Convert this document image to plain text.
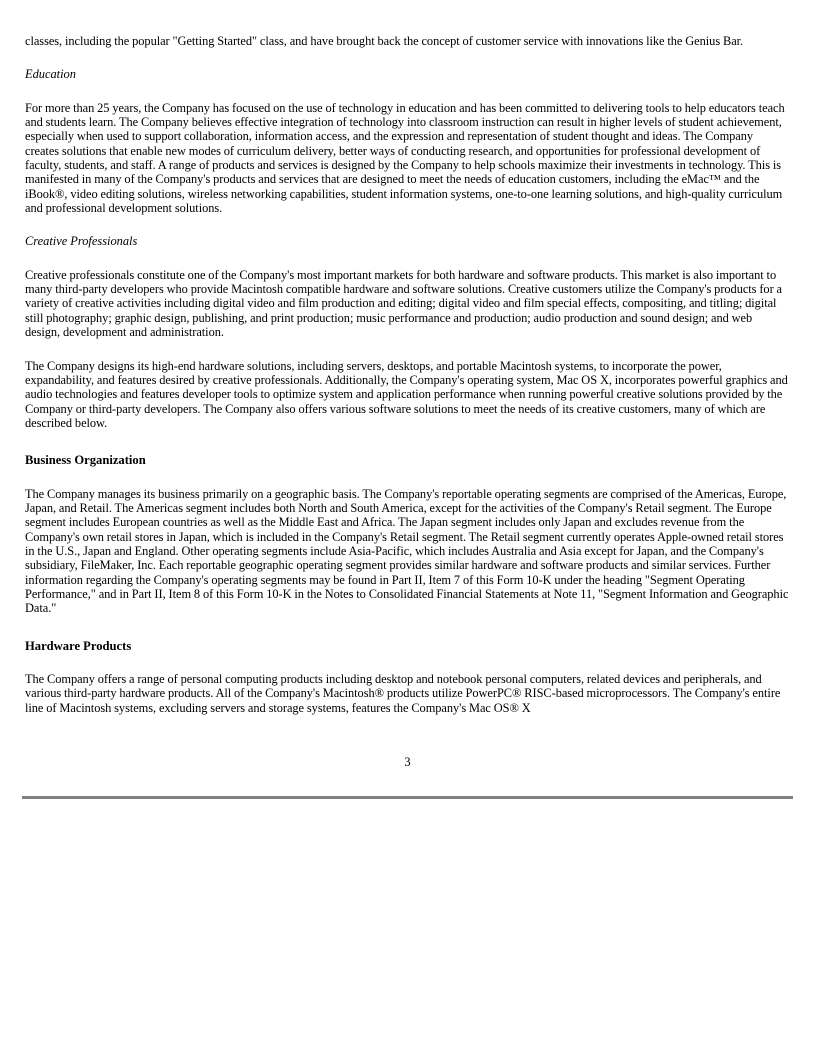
classes, including the popular "Getting Started" class, and have brought back the concept of customer service with innovations like the Genius Bar.

Education

For more than 25 years, the Company has focused on the use of technology in education and has been committed to delivering tools to help educators teach and students learn. The Company believes effective integration of technology into classroom instruction can result in higher levels of student achievement, especially when used to support collaboration, information access, and the expression and representation of student thought and ideas. The Company creates solutions that enable new modes of curriculum delivery, better ways of conducting research, and opportunities for professional development of faculty, students, and staff. A range of products and services is designed by the Company to help schools maximize their investments in technology. This is manifested in many of the Company's products and services that are designed to meet the needs of education customers, including the eMac™ and the iBook®, video editing solutions, wireless networking capabilities, student information systems, one-to-one learning solutions, and high-quality curriculum and professional development solutions.

Creative Professionals

Creative professionals constitute one of the Company's most important markets for both hardware and software products. This market is also important to many third-party developers who provide Macintosh compatible hardware and software solutions. Creative customers utilize the Company's products for a variety of creative activities including digital video and film production and editing; digital video and film special effects, compositing, and titling; digital still photography; graphic design, publishing, and print production; music performance and production; audio production and sound design; and web design, development and administration.

The Company designs its high-end hardware solutions, including servers, desktops, and portable Macintosh systems, to incorporate the power, expandability, and features desired by creative professionals. Additionally, the Company's operating system, Mac OS X, incorporates powerful graphics and audio technologies and features developer tools to optimize system and application performance when running powerful creative solutions provided by the Company or third-party developers. The Company also offers various software solutions to meet the needs of its creative customers, many of which are described below.

Business Organization

The Company manages its business primarily on a geographic basis. The Company's reportable operating segments are comprised of the Americas, Europe, Japan, and Retail. The Americas segment includes both North and South America, except for the activities of the Company's Retail segment. The Europe segment includes European countries as well as the Middle East and Africa. The Japan segment includes only Japan and excludes revenue from the Company's own retail stores in Japan, which is included in the Company's Retail segment. The Retail segment currently operates Apple-owned retail stores in the U.S., Japan and England. Other operating segments include Asia-Pacific, which includes Australia and Asia except for Japan, and the Company's subsidiary, FileMaker, Inc. Each reportable geographic operating segment provides similar hardware and software products and similar services. Further information regarding the Company's operating segments may be found in Part II, Item 7 of this Form 10-K under the heading "Segment Operating Performance," and in Part II, Item 8 of this Form 10-K in the Notes to Consolidated Financial Statements at Note 11, "Segment Information and Geographic Data."

Hardware Products

The Company offers a range of personal computing products including desktop and notebook personal computers, related devices and peripherals, and various third-party hardware products. All of the Company's Macintosh® products utilize PowerPC® RISC-based microprocessors. The Company's entire line of Macintosh systems, excluding servers and storage systems, features the Company's Mac OS® X

3
